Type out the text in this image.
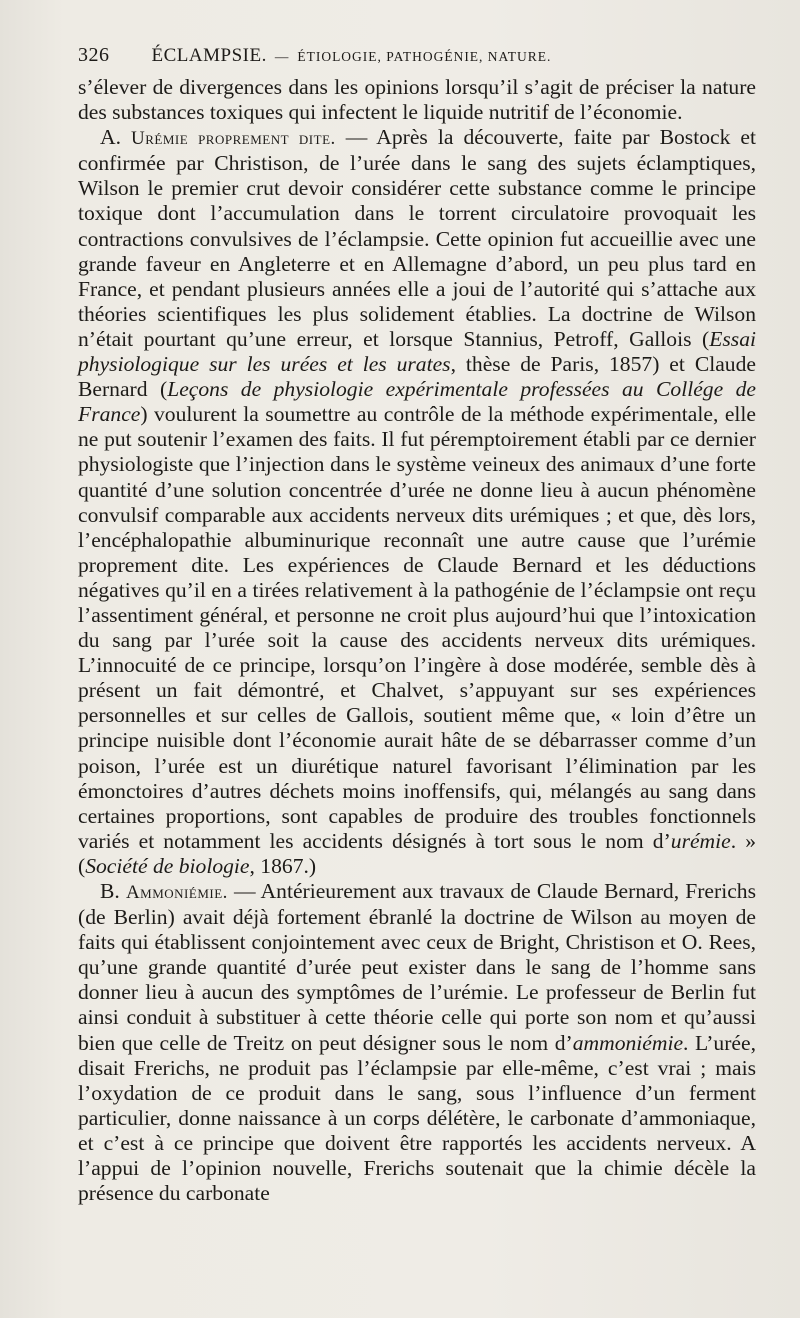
326 ÉCLAMPSIE. — ÉTIOLOGIE, PATHOGÉNIE, NATURE.

s’élever de divergences dans les opinions lorsqu’il s’agit de préciser la nature des substances toxiques qui infectent le liquide nutritif de l’économie.

A. Urémie proprement dite. — Après la découverte, faite par Bostock et confirmée par Christison, de l’urée dans le sang des sujets éclamptiques, Wilson le premier crut devoir considérer cette substance comme le principe toxique dont l’accumulation dans le torrent circulatoire provoquait les contractions convulsives de l’éclampsie. Cette opinion fut accueillie avec une grande faveur en Angleterre et en Allemagne d’abord, un peu plus tard en France, et pendant plusieurs années elle a joui de l’autorité qui s’attache aux théories scientifiques les plus solidement établies. La doctrine de Wilson n’était pourtant qu’une erreur, et lorsque Stannius, Petroff, Gallois (Essai physiologique sur les urées et les urates, thèse de Paris, 1857) et Claude Bernard (Leçons de physiologie expérimentale professées au Collége de France) voulurent la soumettre au contrôle de la méthode expérimentale, elle ne put soutenir l’examen des faits. Il fut péremptoirement établi par ce dernier physiologiste que l’injection dans le système veineux des animaux d’une forte quantité d’une solution concentrée d’urée ne donne lieu à aucun phénomène convulsif comparable aux accidents nerveux dits urémiques ; et que, dès lors, l’encéphalopathie albuminurique reconnaît une autre cause que l’urémie proprement dite. Les expériences de Claude Bernard et les déductions négatives qu’il en a tirées relativement à la pathogénie de l’éclampsie ont reçu l’assentiment général, et personne ne croit plus aujourd’hui que l’intoxication du sang par l’urée soit la cause des accidents nerveux dits urémiques. L’innocuité de ce principe, lorsqu’on l’ingère à dose modérée, semble dès à présent un fait démontré, et Chalvet, s’appuyant sur ses expériences personnelles et sur celles de Gallois, soutient même que, « loin d’être un principe nuisible dont l’économie aurait hâte de se débarrasser comme d’un poison, l’urée est un diurétique naturel favorisant l’élimination par les émonctoires d’autres déchets moins inoffensifs, qui, mélangés au sang dans certaines proportions, sont capables de produire des troubles fonctionnels variés et notamment les accidents désignés à tort sous le nom d’urémie. » (Société de biologie, 1867.)

B. Ammoniémie. — Antérieurement aux travaux de Claude Bernard, Frerichs (de Berlin) avait déjà fortement ébranlé la doctrine de Wilson au moyen de faits qui établissent conjointement avec ceux de Bright, Christison et O. Rees, qu’une grande quantité d’urée peut exister dans le sang de l’homme sans donner lieu à aucun des symptômes de l’urémie. Le professeur de Berlin fut ainsi conduit à substituer à cette théorie celle qui porte son nom et qu’aussi bien que celle de Treitz on peut désigner sous le nom d’ammoniémie. L’urée, disait Frerichs, ne produit pas l’éclampsie par elle-même, c’est vrai ; mais l’oxydation de ce produit dans le sang, sous l’influence d’un ferment particulier, donne naissance à un corps délétère, le carbonate d’ammoniaque, et c’est à ce principe que doivent être rapportés les accidents nerveux. A l’appui de l’opinion nouvelle, Frerichs soutenait que la chimie décèle la présence du carbonate
